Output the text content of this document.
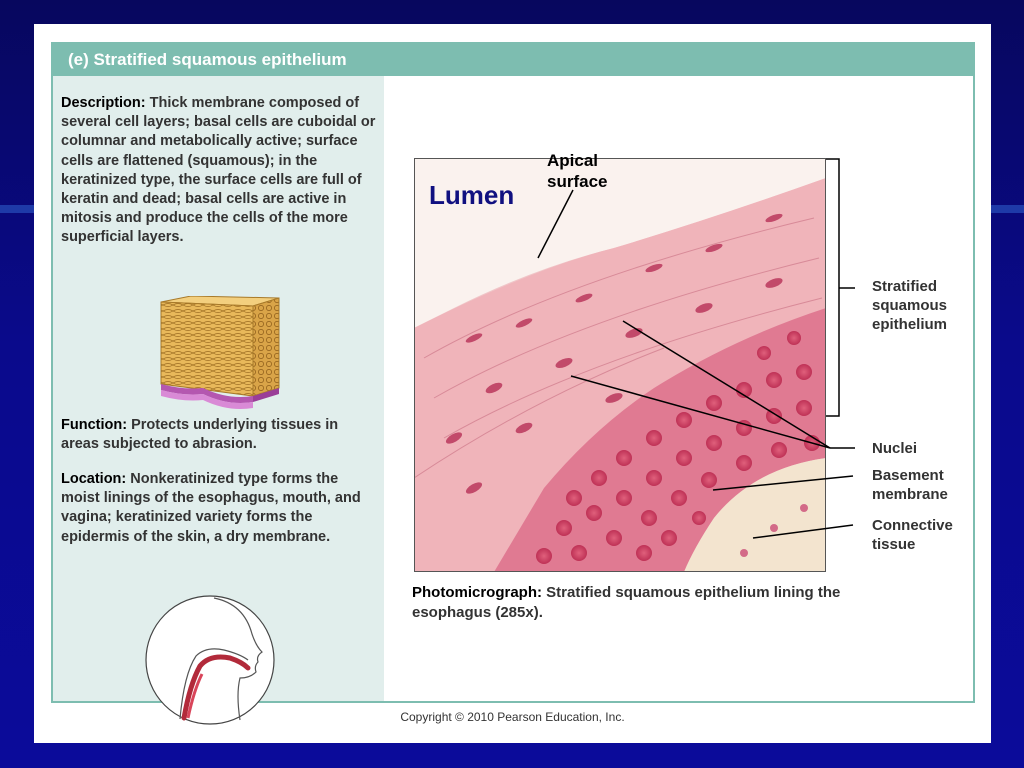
(e) Stratified squamous epithelium
Description: Thick membrane composed of several cell layers; basal cells are cuboidal or columnar and metabolically active; surface cells are flattened (squamous); in the keratinized type, the surface cells are full of keratin and dead; basal cells are active in mitosis and produce the cells of the more superficial layers.
Function: Protects underlying tissues in areas subjected to abrasion.
Location: Nonkeratinized type forms the moist linings of the esophagus, mouth, and vagina; keratinized variety forms the epidermis of the skin, a dry membrane.
Apical
surface
Lumen
Stratified
squamous
epithelium
Nuclei
Basement
membrane
Connective
tissue
Photomicrograph: Stratified squamous epithelium lining the esophagus (285x).
Copyright © 2010 Pearson Education, Inc.
